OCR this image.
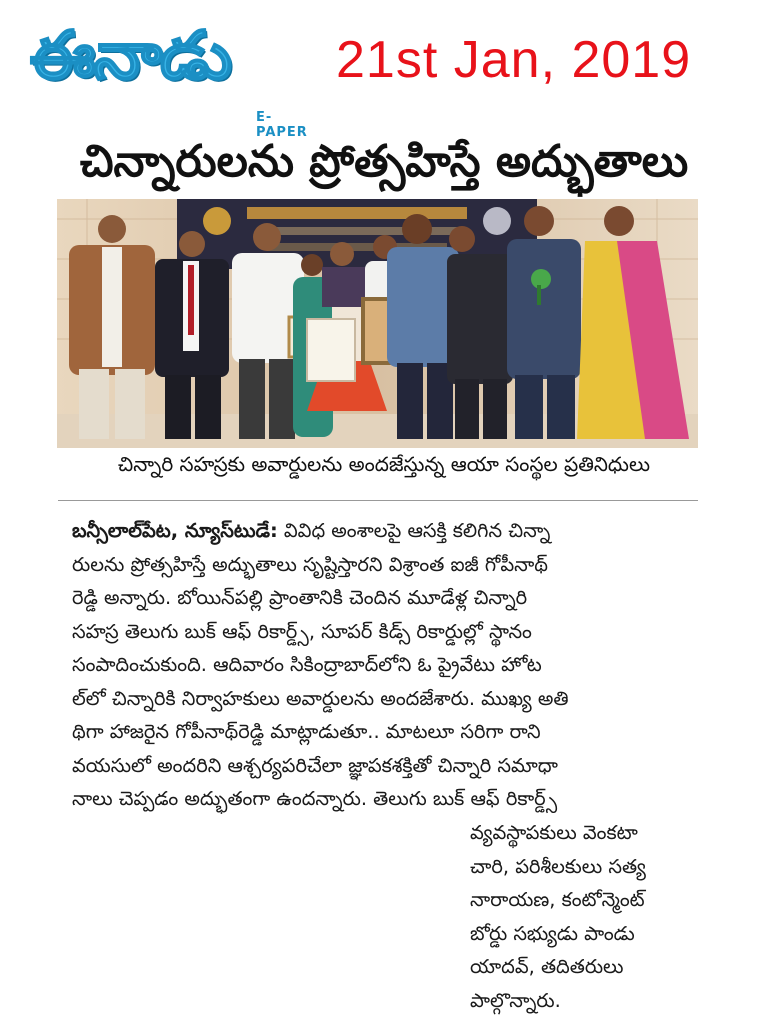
ఈనాడు
E-PAPER
21st Jan, 2019
చిన్నారులను ప్రోత్సహిస్తే అద్భుతాలు
చిన్నారి సహస్రకు అవార్డులను అందజేస్తున్న ఆయా సంస్థల ప్రతినిధులు
బన్సీలాల్‌పేట, న్యూస్‌టుడే: వివిధ అంశాలపై ఆసక్తి కలిగిన చిన్నా
రులను ప్రోత్సహిస్తే అద్భుతాలు సృష్టిస్తారని విశ్రాంత ఐజీ గోపీనాథ్
రెడ్డి అన్నారు. బోయిన్‌పల్లి ప్రాంతానికి చెందిన మూడేళ్ల చిన్నారి
సహస్ర తెలుగు బుక్ ఆఫ్ రికార్డ్స్, సూపర్ కిడ్స్ రికార్డుల్లో స్థానం
సంపాదించుకుంది. ఆదివారం సికింద్రాబాద్‌లోని ఓ ప్రైవేటు హోట
ల్‌లో చిన్నారికి నిర్వాహకులు అవార్డులను అందజేశారు. ముఖ్య అతి
థిగా హాజరైన గోపీనాథ్‌రెడ్డి మాట్లాడుతూ.. మాటలూ సరిగా రాని
వయసులో అందరిని ఆశ్చర్యపరిచేలా జ్ఞాపకశక్తితో చిన్నారి సమాధా
నాలు చెప్పడం అద్భుతంగా ఉందన్నారు. తెలుగు బుక్ ఆఫ్ రికార్డ్స్
వ్యవస్థాపకులు వెంకటా
చారి, పరిశీలకులు సత్య
నారాయణ, కంటోన్మెంట్
బోర్డు సభ్యుడు పాండు
యాదవ్, తదితరులు
పాల్గొన్నారు.
